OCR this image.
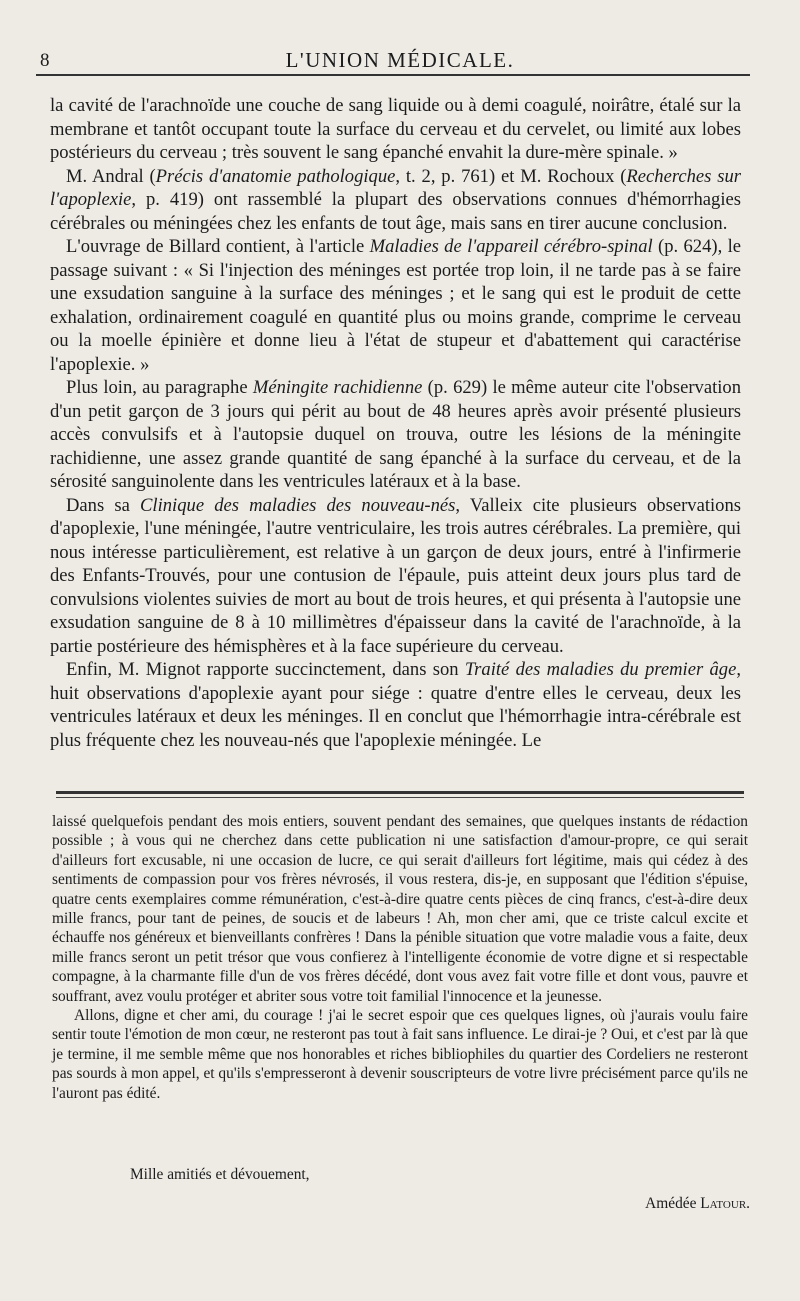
8	L'UNION MÉDICALE.

la cavité de l'arachnoïde une couche de sang liquide ou à demi coagulé, noirâtre, étalé sur la membrane et tantôt occupant toute la surface du cerveau et du cervelet, ou limité aux lobes postérieurs du cerveau ; très souvent le sang épanché envahit la dure-mère spinale. »

M. Andral (Précis d'anatomie pathologique, t. 2, p. 761) et M. Rochoux (Recherches sur l'apoplexie, p. 419) ont rassemblé la plupart des observations connues d'hémorrhagies cérébrales ou méningées chez les enfants de tout âge, mais sans en tirer aucune conclusion.

L'ouvrage de Billard contient, à l'article Maladies de l'appareil cérébro-spinal (p. 624), le passage suivant : « Si l'injection des méninges est portée trop loin, il ne tarde pas à se faire une exsudation sanguine à la surface des méninges ; et le sang qui est le produit de cette exhalation, ordinairement coagulé en quantité plus ou moins grande, comprime le cerveau ou la moelle épinière et donne lieu à l'état de stupeur et d'abattement qui caractérise l'apoplexie. »

Plus loin, au paragraphe Méningite rachidienne (p. 629) le même auteur cite l'observation d'un petit garçon de 3 jours qui périt au bout de 48 heures après avoir présenté plusieurs accès convulsifs et à l'autopsie duquel on trouva, outre les lésions de la méningite rachidienne, une assez grande quantité de sang épanché à la surface du cerveau, et de la sérosité sanguinolente dans les ventricules latéraux et à la base.

Dans sa Clinique des maladies des nouveau-nés, Valleix cite plusieurs observations d'apoplexie, l'une méningée, l'autre ventriculaire, les trois autres cérébrales. La première, qui nous intéresse particulièrement, est relative à un garçon de deux jours, entré à l'infirmerie des Enfants-Trouvés, pour une contusion de l'épaule, puis atteint deux jours plus tard de convulsions violentes suivies de mort au bout de trois heures, et qui présenta à l'autopsie une exsudation sanguine de 8 à 10 millimètres d'épaisseur dans la cavité de l'arachnoïde, à la partie postérieure des hémisphères et à la face supérieure du cerveau.

Enfin, M. Mignot rapporte succinctement, dans son Traité des maladies du premier âge, huit observations d'apoplexie ayant pour siége : quatre d'entre elles le cerveau, deux les ventricules latéraux et deux les méninges. Il en conclut que l'hémorrhagie intra-cérébrale est plus fréquente chez les nouveau-nés que l'apoplexie méningée. Le

laissé quelquefois pendant des mois entiers, souvent pendant des semaines, que quelques instants de rédaction possible ; à vous qui ne cherchez dans cette publication ni une satisfaction d'amour-propre, ce qui serait d'ailleurs fort excusable, ni une occasion de lucre, ce qui serait d'ailleurs fort légitime, mais qui cédez à des sentiments de compassion pour vos frères névrosés, il vous restera, dis-je, en supposant que l'édition s'épuise, quatre cents exemplaires comme rémunération, c'est-à-dire quatre cents pièces de cinq francs, c'est-à-dire deux mille francs, pour tant de peines, de soucis et de labeurs ! Ah, mon cher ami, que ce triste calcul excite et échauffe nos généreux et bienveillants confrères ! Dans la pénible situation que votre maladie vous a faite, deux mille francs seront un petit trésor que vous confierez à l'intelligente économie de votre digne et si respectable compagne, à la charmante fille d'un de vos frères décédé, dont vous avez fait votre fille et dont vous, pauvre et souffrant, avez voulu protéger et abriter sous votre toit familial l'innocence et la jeunesse.

Allons, digne et cher ami, du courage ! j'ai le secret espoir que ces quelques lignes, où j'aurais voulu faire sentir toute l'émotion de mon cœur, ne resteront pas tout à fait sans influence. Le dirai-je ? Oui, et c'est par là que je termine, il me semble même que nos honorables et riches bibliophiles du quartier des Cordeliers ne resteront pas sourds à mon appel, et qu'ils s'empresseront à devenir souscripteurs de votre livre précisément parce qu'ils ne l'auront pas édité.

Mille amitiés et dévouement,
Amédée Latour.
